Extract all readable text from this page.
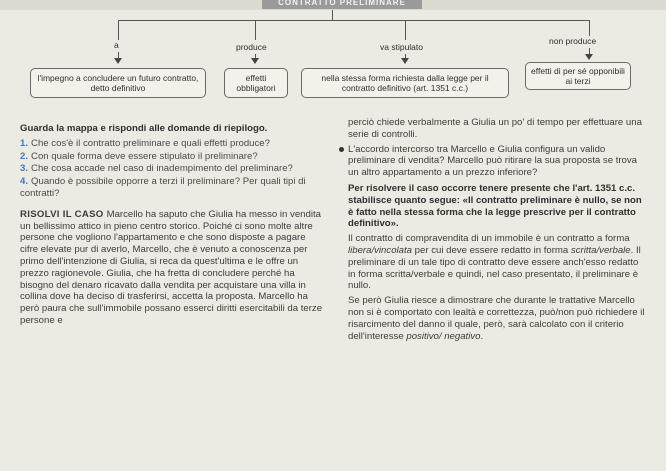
CONTRATTO PRELIMINARE
a	produce	va stipulato
non produce
l'impegno a concludere un futuro contratto, detto definitivo
effetti obbligatori
nella stessa forma richiesta dalla legge per il contratto definitivo (art. 1351 c.c.)
effetti di per sé opponibili ai terzi

Guarda la mappa e rispondi alle domande di riepilogo.

1. Che cos'è il contratto preliminare e quali effetti produce?
2. Con quale forma deve essere stipulato il preliminare?
3. Che cosa accade nel caso di inadempimento del preliminare?
4. Quando è possibile opporre a terzi il preliminare? Per quali tipi di contratti?

RISOLVI IL CASO Marcello ha saputo che Giulia ha messo in vendita un bellissimo attico in pieno centro storico. Poiché ci sono molte altre persone che vogliono l'appartamento e che sono disposte a pagare cifre elevate pur di averlo, Marcello, che è venuto a conoscenza per primo dell'intenzione di Giulia, si reca da quest'ultima e le offre un prezzo ragionevole. Giulia, che ha fretta di concludere perché ha bisogno del denaro ricavato dalla vendita per acquistare una villa in collina dove ha deciso di trasferirsi, accetta la proposta. Marcello ha però paura che sull'immobile possano esserci diritti esercitabili da terze persone e

perciò chiede verbalmente a Giulia un po' di tempo per effettuare una serie di controlli.

L'accordo intercorso tra Marcello e Giulia configura un valido preliminare di vendita? Marcello può ritirare la sua proposta se trova un altro appartamento a un prezzo inferiore?

Per risolvere il caso occorre tenere presente che l'art. 1351 c.c. stabilisce quanto segue: «Il contratto preliminare è nullo, se non è fatto nella stessa forma che la legge prescrive per il contratto definitivo».

Il contratto di compravendita di un immobile è un contratto a forma libera/vincolata per cui deve essere redatto in forma scritta/verbale. Il preliminare di un tale tipo di contratto deve essere anch'esso redatto in forma scritta/verbale e quindi, nel caso presentato, il preliminare è nullo.

Se però Giulia riesce a dimostrare che durante le trattative Marcello non si è comportato con lealtà e correttezza, può/non può richiedere il risarcimento del danno il quale, però, sarà calcolato con il criterio dell'interesse positivo/ negativo.
